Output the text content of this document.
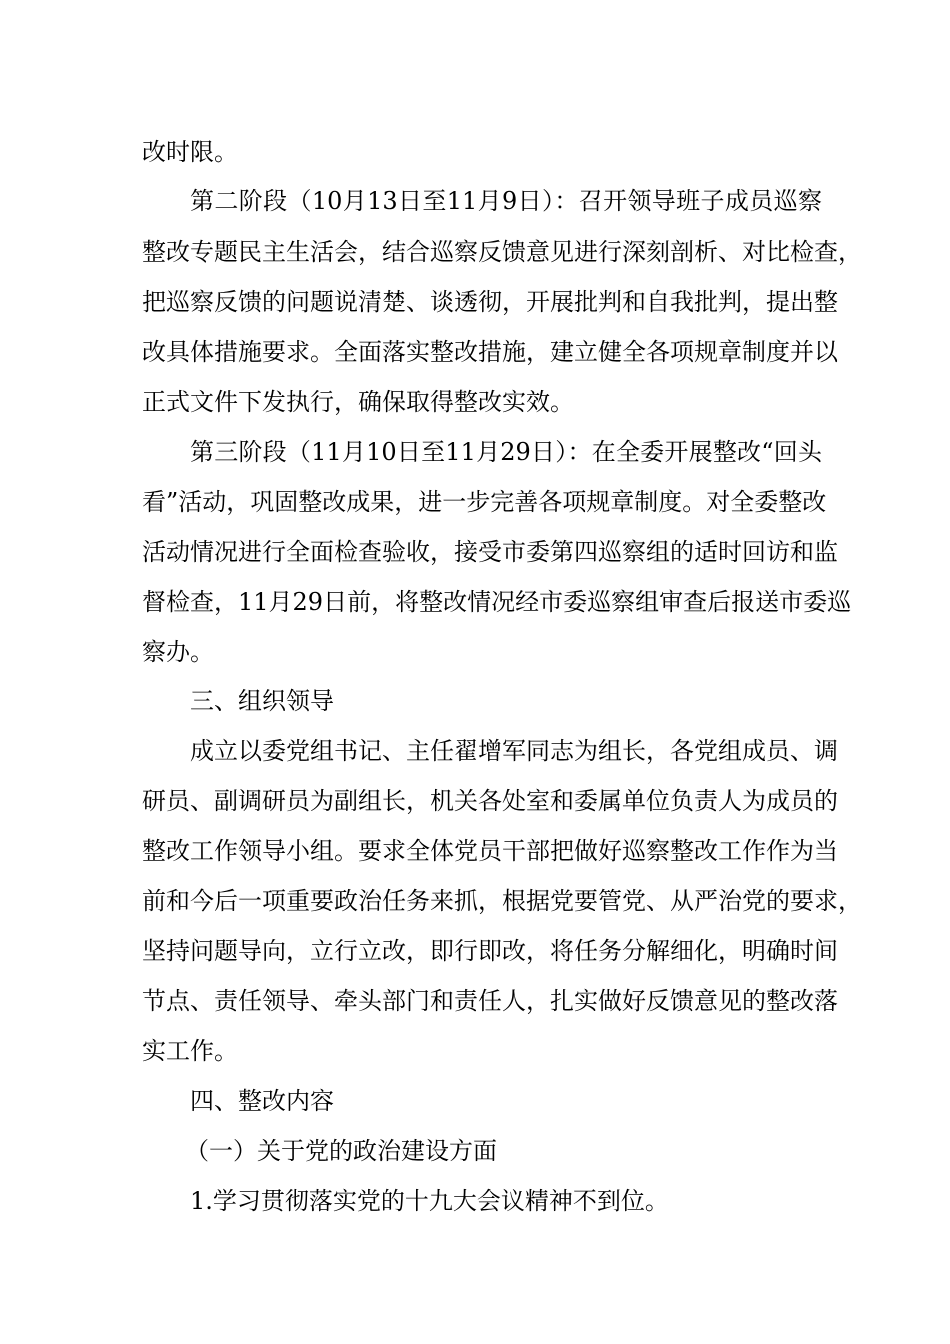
改时限。
第二阶段（10月13日至11月9日）：召开领导班子成员巡察
整改专题民主生活会，结合巡察反馈意见进行深刻剖析、对比检查，
把巡察反馈的问题说清楚、谈透彻，开展批判和自我批判，提出整
改具体措施要求。全面落实整改措施，建立健全各项规章制度并以
正式文件下发执行，确保取得整改实效。
第三阶段（11月10日至11月29日）：在全委开展整改“回头
看”活动，巩固整改成果，进一步完善各项规章制度。对全委整改
活动情况进行全面检查验收，接受市委第四巡察组的适时回访和监
督检查，11月29日前，将整改情况经市委巡察组审查后报送市委巡
察办。
三、组织领导
成立以委党组书记、主任翟增军同志为组长，各党组成员、调
研员、副调研员为副组长，机关各处室和委属单位负责人为成员的
整改工作领导小组。要求全体党员干部把做好巡察整改工作作为当
前和今后一项重要政治任务来抓，根据党要管党、从严治党的要求，
坚持问题导向，立行立改，即行即改，将任务分解细化，明确时间
节点、责任领导、牵头部门和责任人，扎实做好反馈意见的整改落
实工作。
四、整改内容
（一）关于党的政治建设方面
1.学习贯彻落实党的十九大会议精神不到位。
